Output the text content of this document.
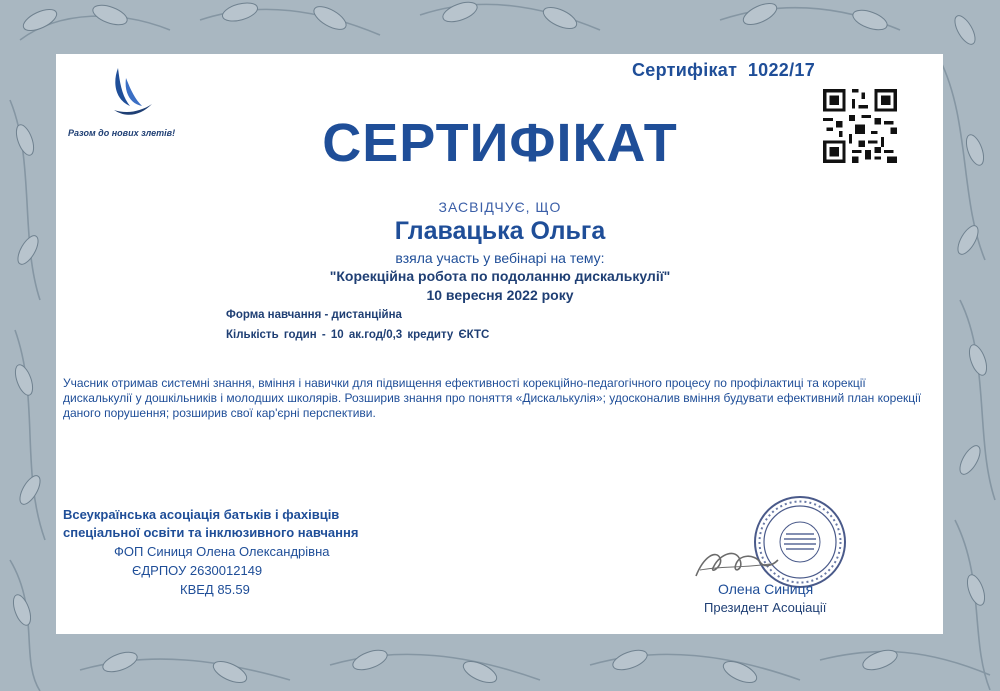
Разом до нових злетів!
Сертифікат 1022/17
СЕРТИФІКАТ
ЗАСВІДЧУЄ, ЩО
Главацька Ольга
взяла участь у вебінарі на тему:
"Корекційна робота по подоланню дискалькулії"
10 вересня 2022 року
Форма навчання - дистанційна
Кількість годин - 10 ак.год/0,3 кредиту ЄКТС
Учасник отримав системні знання, вміння і навички для підвищення ефективності корекційно-педагогічного процесу по профілактиці та корекції дискалькулії у дошкільників і молодших школярів. Розширив знання про поняття «Дискалькулія»; удосконалив вміння будувати ефективний план корекції даного порушення; розширив свої кар'єрні перспективи.
Всеукраїнська асоціація батьків і фахівців
спеціальної освіти та інклюзивного навчання
ФОП Синиця Олена Олександрівна
ЄДРПОУ 2630012149
КВЕД 85.59	Олена Синиця
Президент Асоціації
